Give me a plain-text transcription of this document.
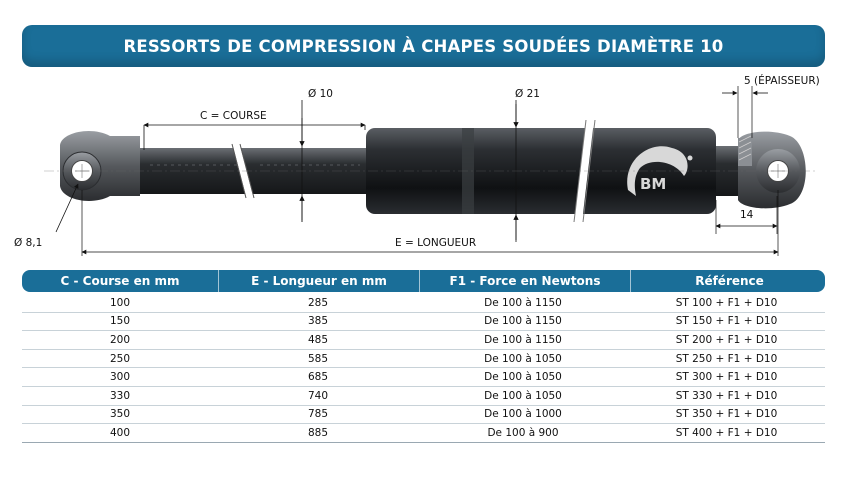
RESSORTS DE COMPRESSION À CHAPES SOUDÉES DIAMÈTRE 10
BM
C = COURSE
Ø 10	Ø 21
5 (ÉPAISSEUR)
14
Ø 8,1	E = LONGUEUR
C - Course en mm	E - Longueur en mm	F1 - Force en Newtons	Référence
100	285	De 100 à 1150	ST 100 + F1 + D10
150	385	De 100 à 1150	ST 150 + F1 + D10
200	485	De 100 à 1150	ST 200 + F1 + D10
250	585	De 100 à 1050	ST 250 + F1 + D10
300	685	De 100 à 1050	ST 300 + F1 + D10
330	740	De 100 à 1050	ST 330 + F1 + D10
350	785	De 100 à 1000	ST 350 + F1 + D10
400	885	De 100 à 900	ST 400 + F1 + D10
